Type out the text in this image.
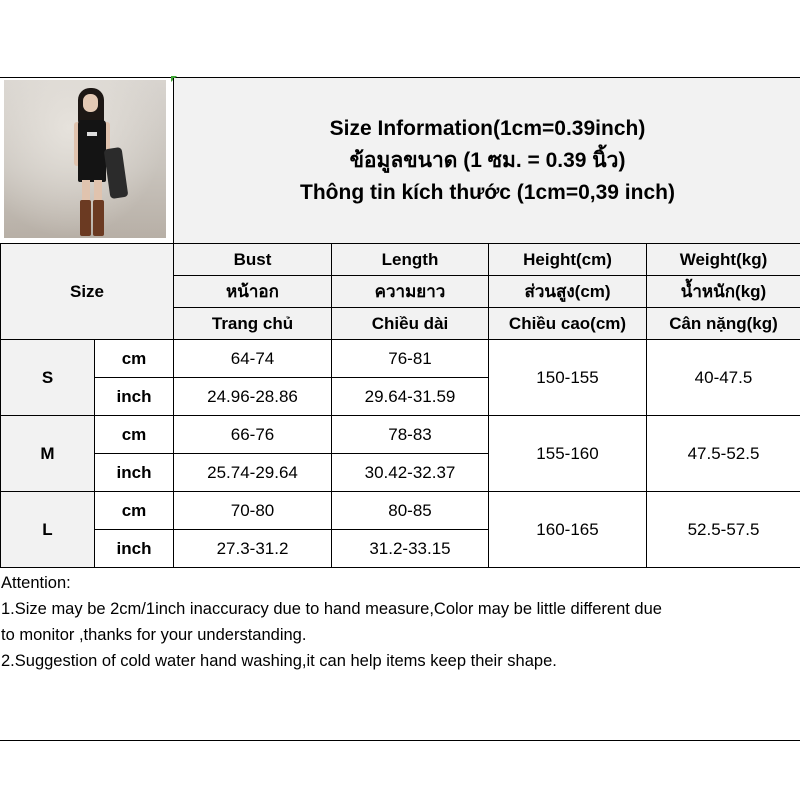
Size Information(1cm=0.39inch)
ข้อมูลขนาด (1 ซม. = 0.39 นิ้ว)
Thông tin kích thước (1cm=0,39 inch)
Size		Bust	Length	Height(cm)	Weight(kg)
		หน้าอก	ความยาว	ส่วนสูง(cm)	น้ำหนัก(kg)
		Trang chủ	Chiều dài	Chiều cao(cm)	Cân nặng(kg)
S	cm	64-74	76-81	150-155	40-47.5
	inch	24.96-28.86	29.64-31.59		
M	cm	66-76	78-83	155-160	47.5-52.5
	inch	25.74-29.64	30.42-32.37		
L	cm	70-80	80-85	160-165	52.5-57.5
	inch	27.3-31.2	31.2-33.15		
Attention:
1.Size may be 2cm/1inch inaccuracy due to hand measure,Color may be little different due
to monitor ,thanks for your understanding.
2.Suggestion of cold water hand washing,it can help items keep their shape.
